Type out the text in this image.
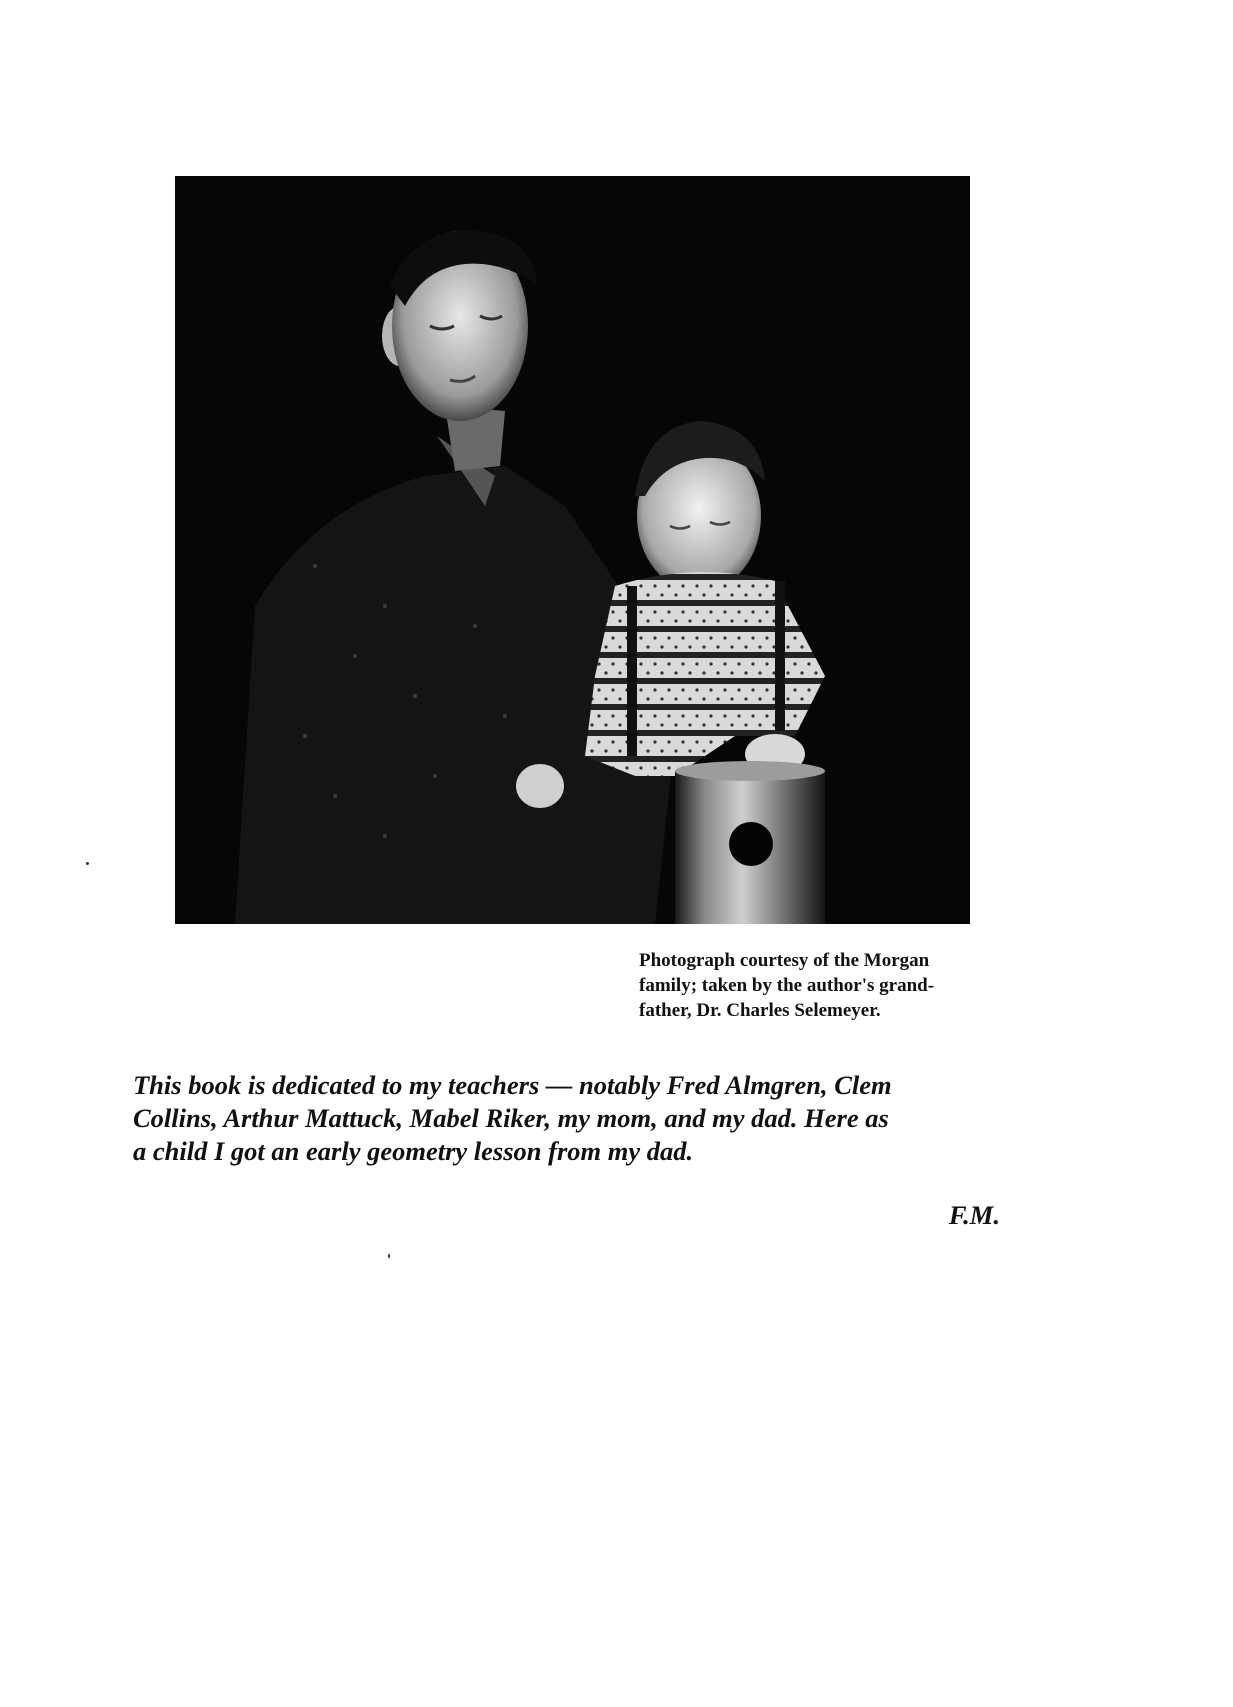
Photograph courtesy of the Morgan
family; taken by the author's grand-
father, Dr. Charles Selemeyer.
This book is dedicated to my teachers — notably Fred Almgren, Clem
Collins, Arthur Mattuck, Mabel Riker, my mom, and my dad. Here as
a child I got an early geometry lesson from my dad.
F.M.
